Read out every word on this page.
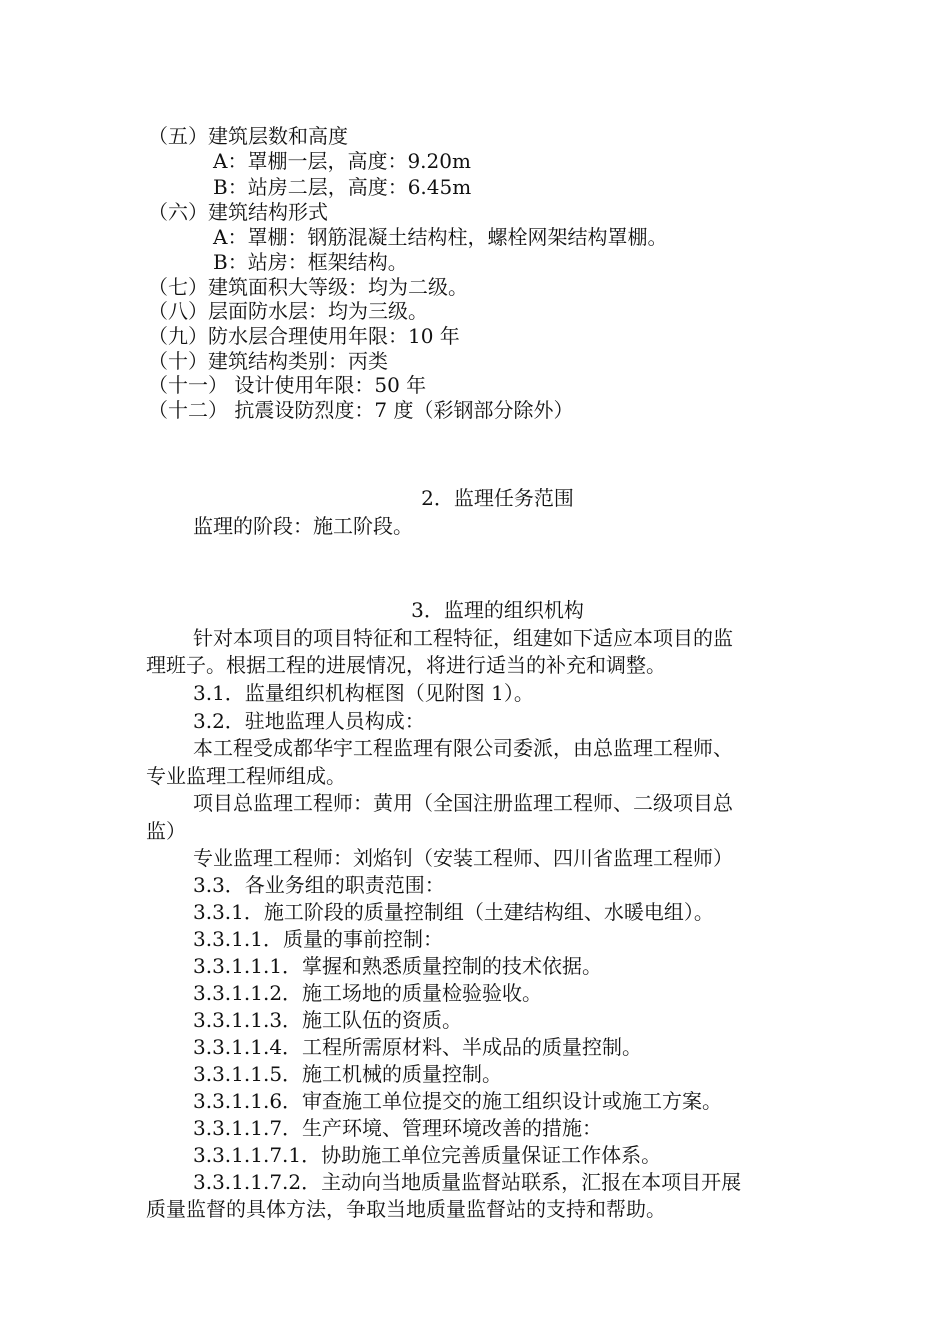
（五）建筑层数和高度
A：罩棚一层，高度：9.20m
B：站房二层，高度：6.45m
（六）建筑结构形式
A：罩棚：钢筋混凝土结构柱，螺栓网架结构罩棚。
B：站房：框架结构。
（七）建筑面积大等级：均为二级。
（八）层面防水层：均为三级。
（九）防水层合理使用年限：10 年
（十）建筑结构类别：丙类
（十一） 设计使用年限：50 年
（十二） 抗震设防烈度：7 度（彩钢部分除外）
2．监理任务范围
监理的阶段：施工阶段。
3．监理的组织机构
针对本项目的项目特征和工程特征，组建如下适应本项目的监
理班子。根据工程的进展情况，将进行适当的补充和调整。
3.1．监量组织机构框图（见附图 1）。
3.2．驻地监理人员构成：
本工程受成都华宇工程监理有限公司委派，由总监理工程师、
专业监理工程师组成。
项目总监理工程师：黄用（全国注册监理工程师、二级项目总
监）
专业监理工程师：刘焰钊（安装工程师、四川省监理工程师）
3.3．各业务组的职责范围：
3.3.1．施工阶段的质量控制组（土建结构组、水暖电组）。
3.3.1.1．质量的事前控制：
3.3.1.1.1．掌握和熟悉质量控制的技术依据。
3.3.1.1.2．施工场地的质量检验验收。
3.3.1.1.3．施工队伍的资质。
3.3.1.1.4．工程所需原材料、半成品的质量控制。
3.3.1.1.5．施工机械的质量控制。
3.3.1.1.6．审查施工单位提交的施工组织设计或施工方案。
3.3.1.1.7．生产环境、管理环境改善的措施：
3.3.1.1.7.1．协助施工单位完善质量保证工作体系。
3.3.1.1.7.2．主动向当地质量监督站联系，汇报在本项目开展
质量监督的具体方法，争取当地质量监督站的支持和帮助。
